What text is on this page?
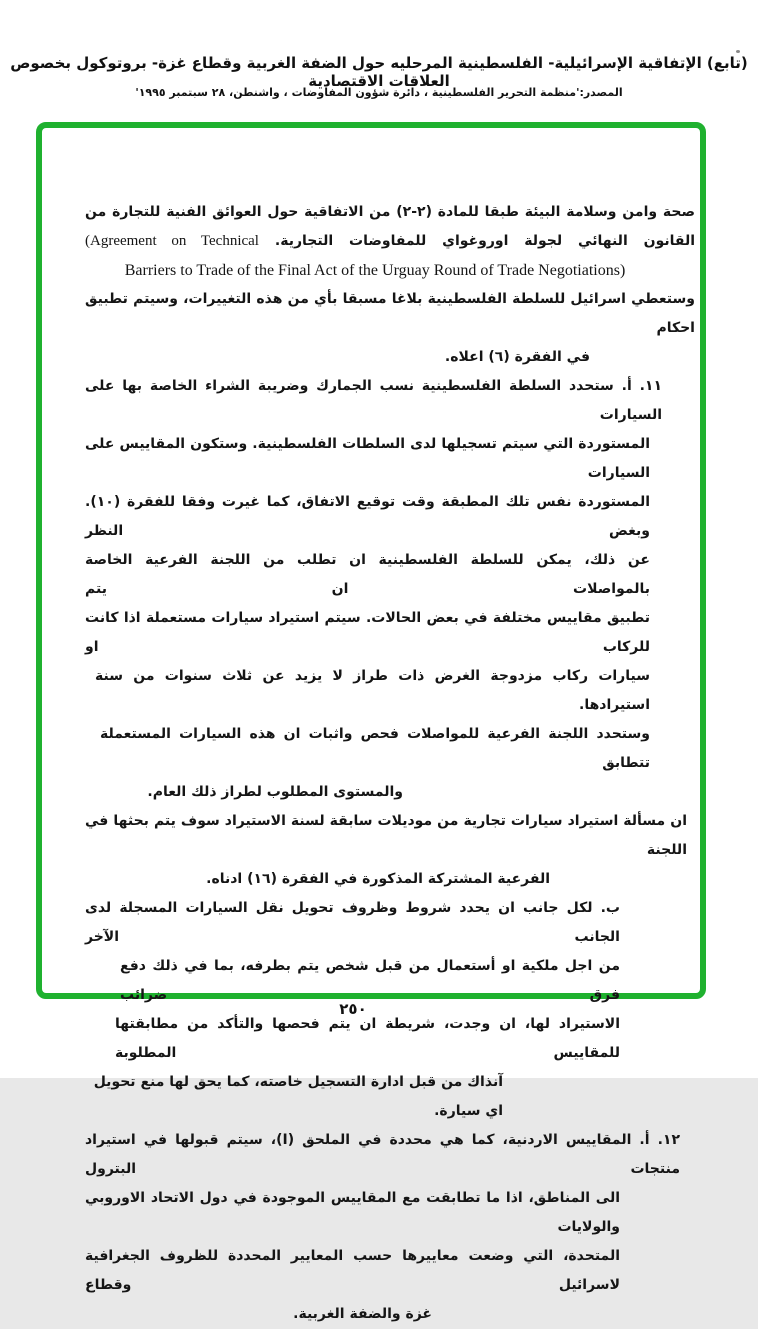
(تابع) الإتفاقية الإسرائيلية- الفلسطينية المرحليه حول الضفة الغربية وقطاع غزة- بروتوكول بخصوص العلاقات الاقتصادية
المصدر:'منظمة التحرير الفلسطينية ، دائرة شؤون المفاوضات ، واشنطن، ٢٨ سبتمبر ١٩٩٥'
صحة وامن وسلامة البيئة طبقا للمادة (٢-٢) من الاتفاقية حول العوائق الفنية للتجارة من
القانون النهائي لجولة اوروغواي للمفاوضات التجارية. (Agreement on Technical
Barriers to Trade of the Final Act of the Urguay Round of Trade Negotiations)
وستعطي اسرائيل للسلطة الفلسطينية بلاغا مسبقا بأي من هذه التغييرات، وسيتم تطبيق احكام
في الفقرة (٦) اعلاه.
١١. أ. ستحدد السلطة الفلسطينية نسب الجمارك وضريبة الشراء الخاصة بها على السيارات
المستوردة التي سيتم تسجيلها لدى السلطات الفلسطينية. وستكون المقاييس على السيارات
المستوردة نفس تلك المطبقة وقت توقيع الاتفاق، كما غيرت وفقا للفقرة (١٠). وبغض النظر
عن ذلك، يمكن للسلطة الفلسطينية ان تطلب من اللجنة الفرعية الخاصة بالمواصلات ان يتم
تطبيق مقاييس مختلفة في بعض الحالات. سيتم استيراد سيارات مستعملة اذا كانت للركاب او
سيارات ركاب مزدوجة الغرض ذات طراز لا يزيد عن ثلاث سنوات من سنة استيرادها.
وستحدد اللجنة الفرعية للمواصلات فحص واثبات ان هذه السيارات المستعملة تتطابق
والمستوى المطلوب لطراز ذلك العام.
ان مسألة استيراد سيارات تجارية من موديلات سابقة لسنة الاستيراد سوف يتم بحثها في اللجنة
الفرعية المشتركة المذكورة في الفقرة (١٦) ادناه.
ب. لكل جانب ان يحدد شروط وظروف تحويل نقل السيارات المسجلة لدى الجانب الآخر
من اجل ملكية او أستعمال من قبل شخص يتم بطرفه، بما في ذلك دفع فرق ضرائب
الاستيراد لها، ان وجدت، شريطة ان يتم فحصها والتأكد من مطابقتها للمقاييس المطلوبة
آنذاك من قبل ادارة التسجيل خاصته، كما يحق لها منع تحويل اي سيارة.
١٢. أ. المقاييس الاردنية، كما هي محددة في الملحق (I)، سيتم قبولها في استيراد منتجات البترول
الى المناطق، اذا ما تطابقت مع المقاييس الموجودة في دول الاتحاد الاوروبي والولايات
المتحدة، التي وضعت معاييرها حسب المعايير المحددة للظروف الجغرافية لاسرائيل وقطاع
غزة والضفة الغربية.
٢٥٠
